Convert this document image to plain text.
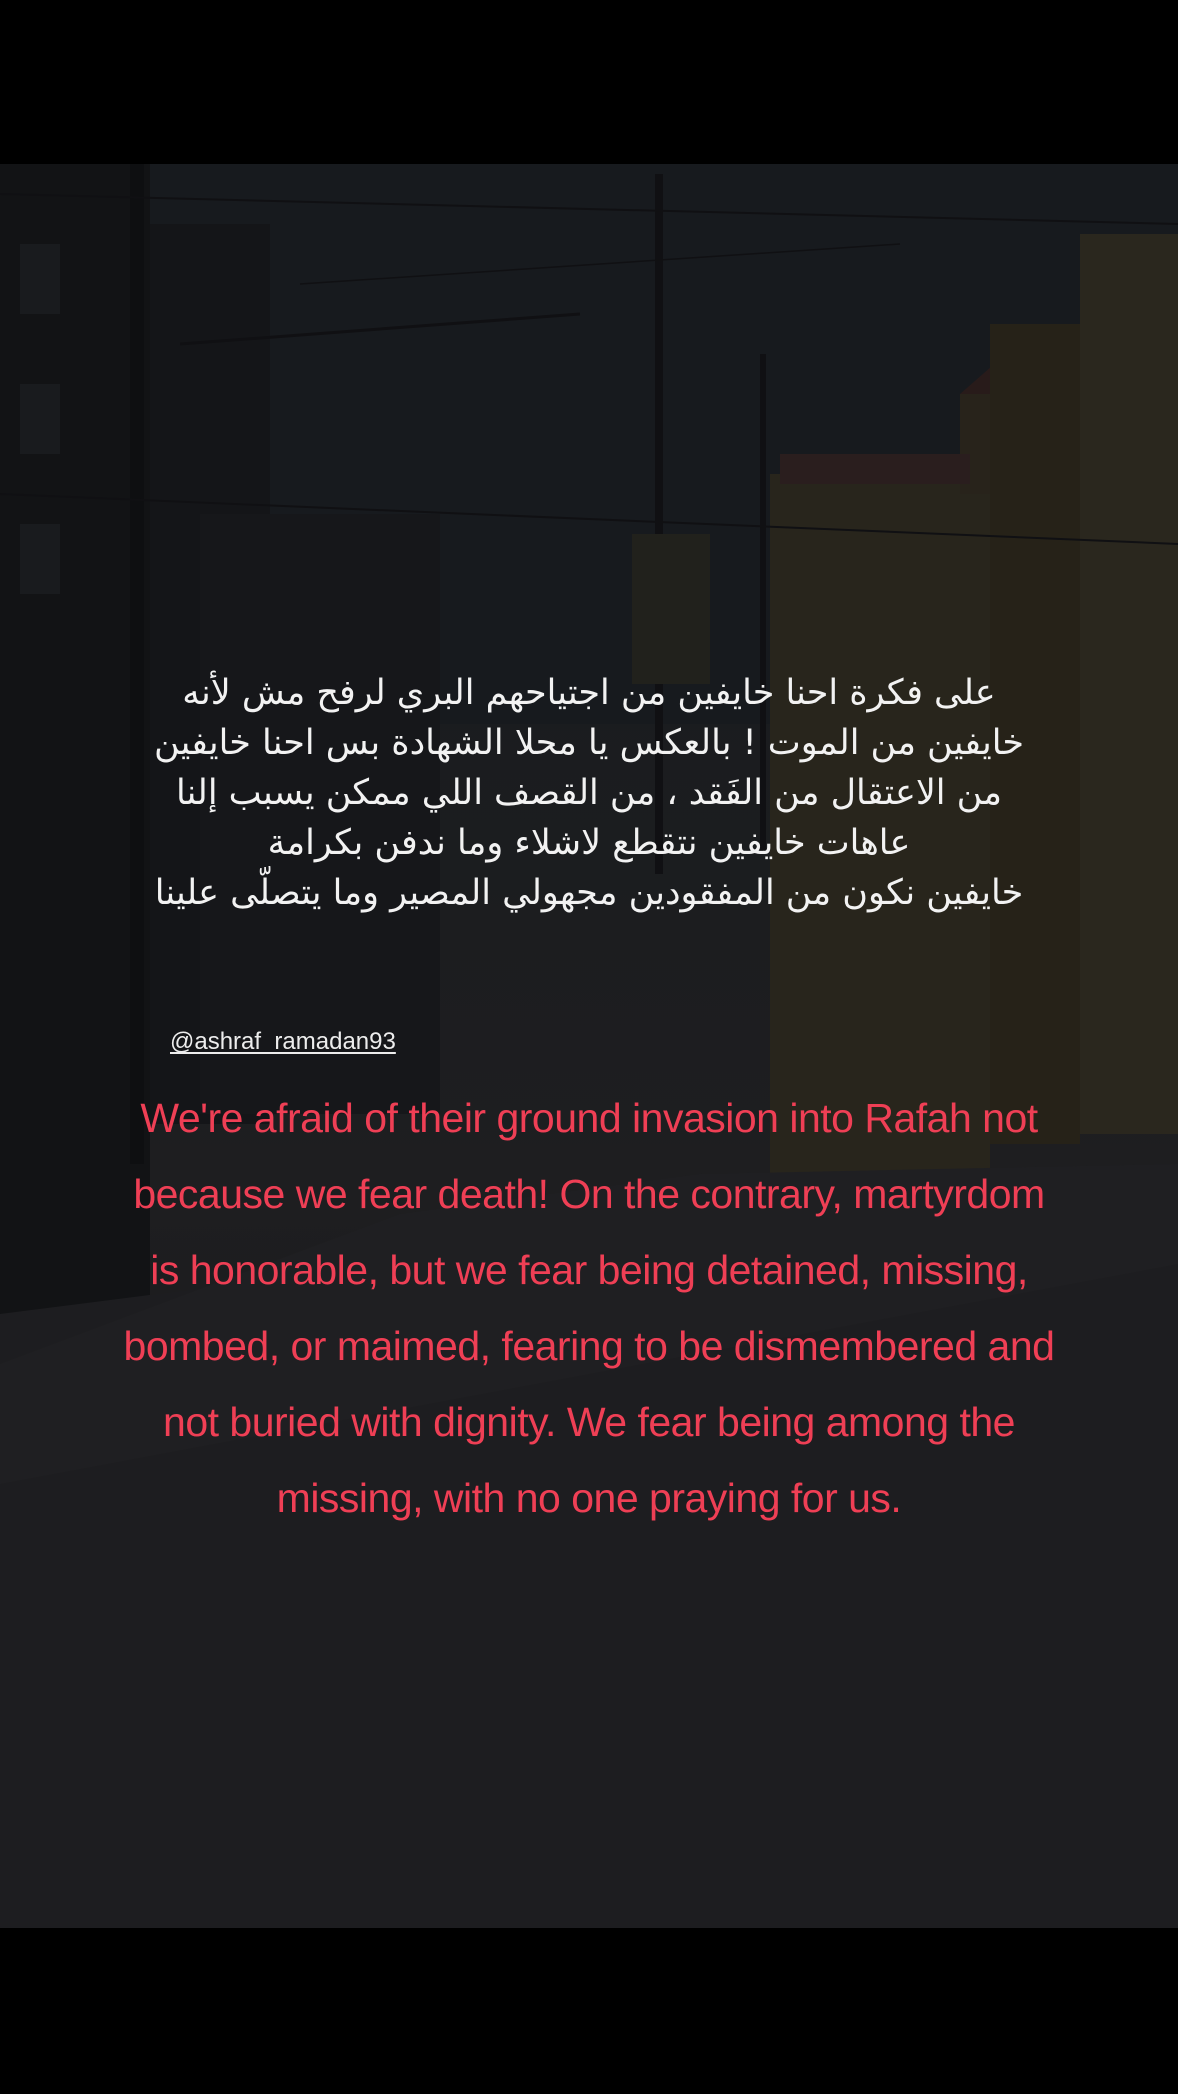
على فكرة احنا خايفين من اجتياحهم البري لرفح مش لأنه
خايفين من الموت ! بالعكس يا محلا الشهادة بس احنا خايفين
من الاعتقال من الفَقد ، من القصف اللي ممكن يسبب إلنا
عاهات خايفين نتقطع لاشلاء وما ندفن بكرامة
خايفين نكون من المفقودين مجهولي المصير وما يتصلّى علينا
@ashraf_ramadan93
We're afraid of their ground invasion into Rafah not
because we fear death! On the contrary, martyrdom
is honorable, but we fear being detained, missing,
bombed, or maimed, fearing to be dismembered and
not buried with dignity. We fear being among the
missing, with no one praying for us.
